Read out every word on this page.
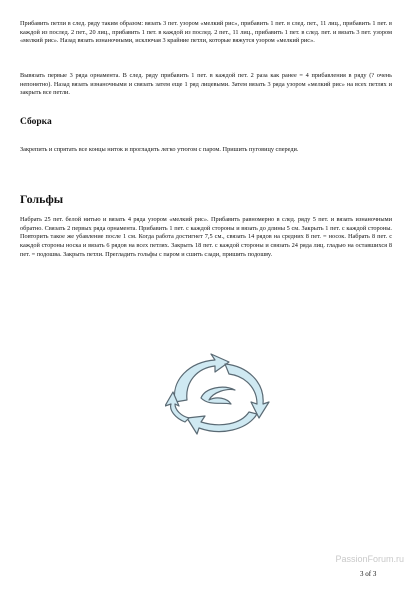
Прибавить петли в след. ряду таким образом: вязать 3 пет. узором «мелкий рис», прибавить 1 пет. в след. пет., 11 лиц., прибавить 1 пет. в каждой из послед. 2 пет., 20 лиц., прибавить 1 пет. в каждой из послед. 2 пет., 11 лиц., прибавить 1 пет. в след. пет. и вязать 3 пет. узором «мелкий рис». Назад вязать изнаночными, исключая 3 крайние петли, которые вяжутся узором «мелкий рис».

Вывязать первые 3 ряда орнамента. В след. ряду прибавить 1 пет. в каждой пет. 2 раза как ранее = 4 прибавления в ряду (? очень непонятно). Назад вязать изнаночными и связать затем еще 1 ряд лицевыми. Затем вязать 3 ряда узором «мелкий рис» на всех петлях и закрыть все петли.

Сборка

Закрепить и спрятать все концы ниток и прогладить легко утюгом с паром. Пришить пуговицу спереди.

Гольфы

Набрать 25 пет. белой нитью и вязать 4 ряда узором «мелкий рис». Прибавить равномерно в след. ряду 5 пет. и вязать изнаночными обратно. Связать 2 первых ряда орнамента. Прибавить 1 пет. с каждой стороны и вязать до длины 5 см. Закрыть 1 пет. с каждой стороны. Повторить такое же убавление после 1 см. Когда работа достигнет 7,5 см., связать 14 рядов на средних 8 пет. = носок. Набрать 8 пет. с каждой стороны носка и вязать 6 рядов на всех петлях. Закрыть 18 пет. с каждой стороны и связать 24 ряда лиц. гладью на оставшихся 8 пет. = подошва. Закрыть петли. Прегладить гольфы с паром и сшить сзади, пришить подошву.

PassionForum.ru

3 of 3
